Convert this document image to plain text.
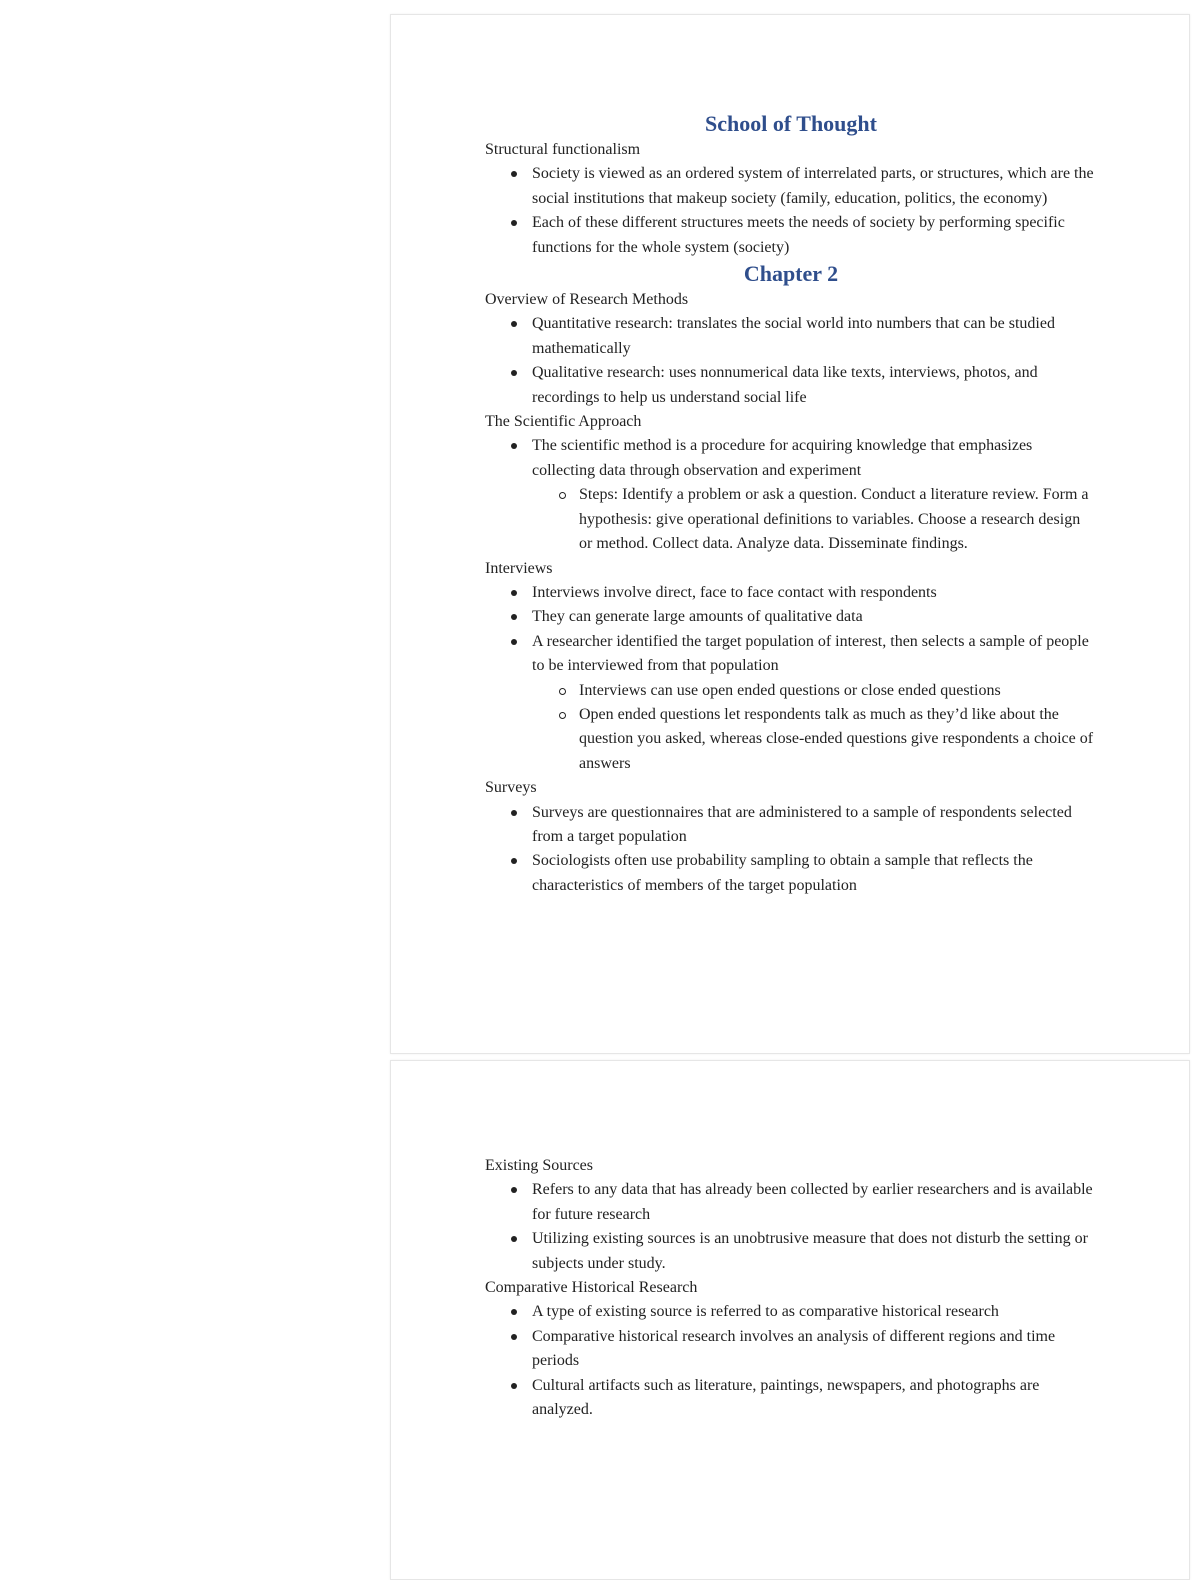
School of Thought

Structural functionalism

Society is viewed as an ordered system of interrelated parts, or structures, which are the social institutions that makeup society (family, education, politics, the economy)
Each of these different structures meets the needs of society by performing specific functions for the whole system (society)
Chapter 2

Overview of Research Methods

Quantitative research: translates the social world into numbers that can be studied mathematically
Qualitative research: uses nonnumerical data like texts, interviews, photos, and recordings to help us understand social life

The Scientific Approach

The scientific method is a procedure for acquiring knowledge that emphasizes collecting data through observation and experiment
Steps: Identify a problem or ask a question. Conduct a literature review. Form a hypothesis: give operational definitions to variables. Choose a research design or method. Collect data. Analyze data. Disseminate findings.

Interviews

Interviews involve direct, face to face contact with respondents
They can generate large amounts of qualitative data
A researcher identified the target population of interest, then selects a sample of people to be interviewed from that population
Interviews can use open ended questions or close ended questions
Open ended questions let respondents talk as much as they’d like about the question you asked, whereas close-ended questions give respondents a choice of answers

Surveys

Surveys are questionnaires that are administered to a sample of respondents selected from a target population
Sociologists often use probability sampling to obtain a sample that reflects the characteristics of members of the target population

Existing Sources

Refers to any data that has already been collected by earlier researchers and is available for future research
Utilizing existing sources is an unobtrusive measure that does not disturb the setting or subjects under study.

Comparative Historical Research

A type of existing source is referred to as comparative historical research
Comparative historical research involves an analysis of different regions and time periods
Cultural artifacts such as literature, paintings, newspapers, and photographs are analyzed.
